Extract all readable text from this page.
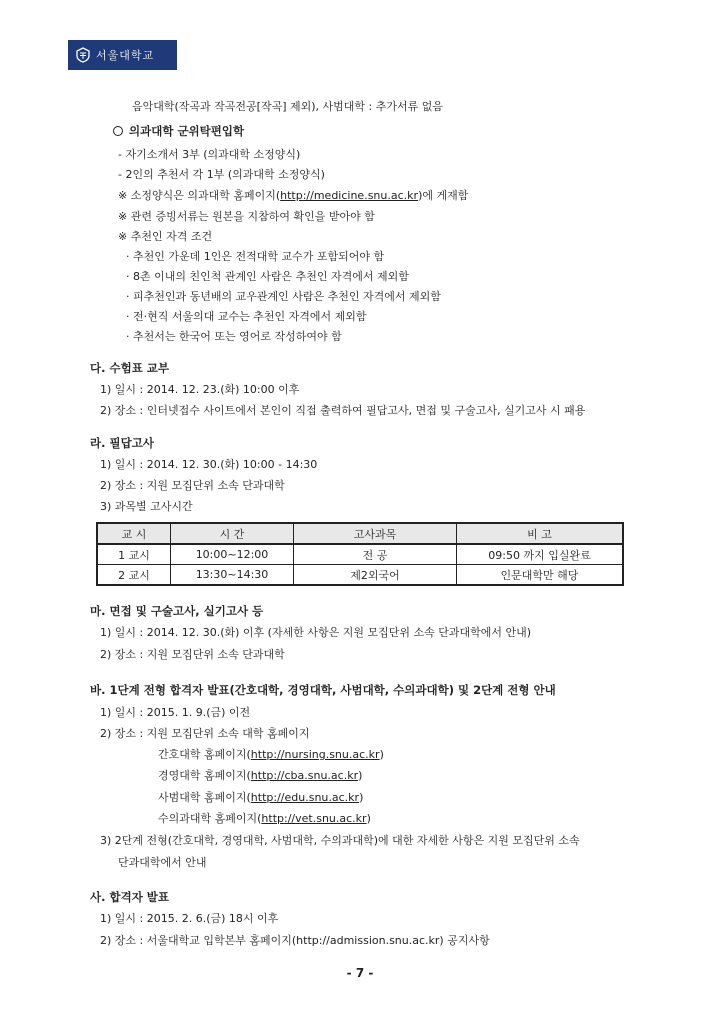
서울대학교
음악대학(작곡과 작곡전공[작곡] 제외), 사범대학 : 추가서류 없음
의과대학 군위탁편입학
- 자기소개서 3부 (의과대학 소정양식)
- 2인의 추천서 각 1부 (의과대학 소정양식)
※ 소정양식은 의과대학 홈페이지(http://medicine.snu.ac.kr)에 게재함
※ 관련 증빙서류는 원본을 지참하여 확인을 받아야 함
※ 추천인 자격 조건
· 추천인 가운데 1인은 전적대학 교수가 포함되어야 함
· 8촌 이내의 친인척 관계인 사람은 추천인 자격에서 제외함
· 피추천인과 동년배의 교우관계인 사람은 추천인 자격에서 제외함
· 전·현직 서울의대 교수는 추천인 자격에서 제외함
· 추천서는 한국어 또는 영어로 작성하여야 함
다. 수험표 교부
1) 일시 : 2014. 12. 23.(화) 10:00 이후
2) 장소 : 인터넷접수 사이트에서 본인이 직접 출력하여 필답고사, 면접 및 구술고사, 실기고사 시 패용
라. 필답고사
1) 일시 : 2014. 12. 30.(화) 10:00 - 14:30
2) 장소 : 지원 모집단위 소속 단과대학
3) 과목별 고사시간
교 시	시 간	고사과목	비 고
1 교시	10:00~12:00	전 공	09:50 까지 입실완료
2 교시	13:30~14:30	제2외국어	인문대학만 해당
마. 면접 및 구술고사, 실기고사 등
1) 일시 : 2014. 12. 30.(화) 이후 (자세한 사항은 지원 모집단위 소속 단과대학에서 안내)
2) 장소 : 지원 모집단위 소속 단과대학
바. 1단계 전형 합격자 발표(간호대학, 경영대학, 사범대학, 수의과대학) 및 2단계 전형 안내
1) 일시 : 2015. 1. 9.(금) 이전
2) 장소 : 지원 모집단위 소속 대학 홈페이지
간호대학 홈페이지(http://nursing.snu.ac.kr)
경영대학 홈페이지(http://cba.snu.ac.kr)
사범대학 홈페이지(http://edu.snu.ac.kr)
수의과대학 홈페이지(http://vet.snu.ac.kr)
3) 2단계 전형(간호대학, 경영대학, 사범대학, 수의과대학)에 대한 자세한 사항은 지원 모집단위 소속
단과대학에서 안내
사. 합격자 발표
1) 일시 : 2015. 2. 6.(금) 18시 이후
2) 장소 : 서울대학교 입학본부 홈페이지(http://admission.snu.ac.kr) 공지사항
- 7 -
